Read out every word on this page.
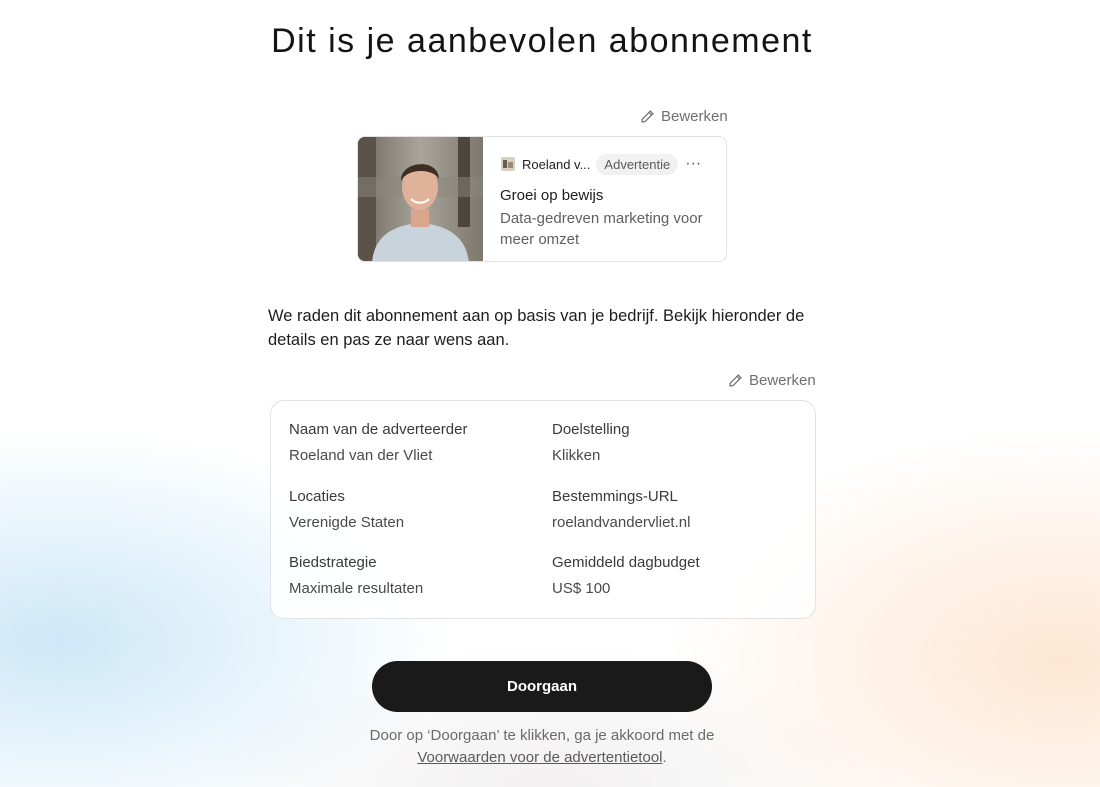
Dit is je aanbevolen abonnement
Bewerken
Roeland v...	Advertentie ···
Groei op bewijs
Data-gedreven marketing voor meer omzet

We raden dit abonnement aan op basis van je bedrijf. Bekijk hieronder de details en pas ze naar wens aan.

Bewerken
Naam van de adverteerder
Roeland van der Vliet
Doelstelling
Klikken
Locaties
Verenigde Staten
Bestemmings-URL
roelandvandervliet.nl
Biedstrategie
Maximale resultaten
Gemiddeld dagbudget
US$ 100
Doorgaan
Door op ‘Doorgaan’ te klikken, ga je akkoord met de
Voorwaarden voor de advertentietool.
